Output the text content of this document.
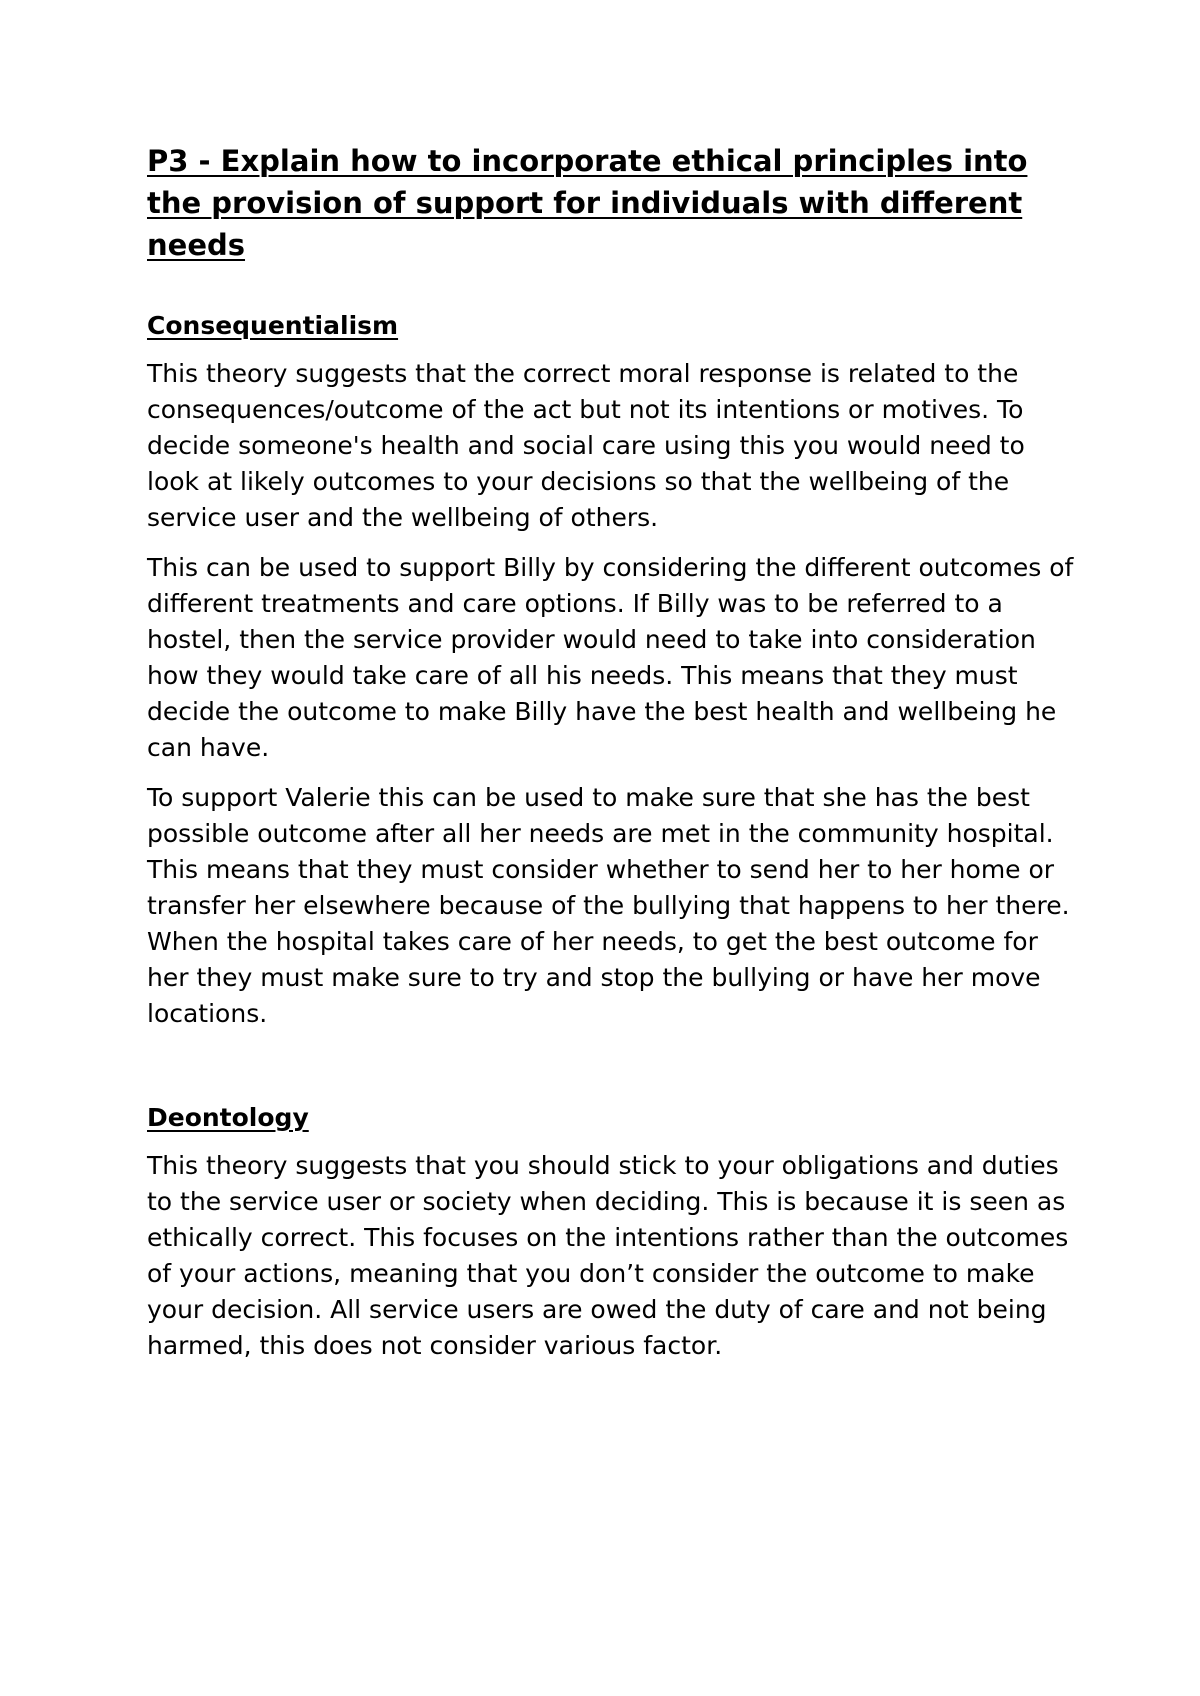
P3 - Explain how to incorporate ethical principles into the provision of support for individuals with different needs
Consequentialism

This theory suggests that the correct moral response is related to the consequences/outcome of the act but not its intentions or motives. To decide someone's health and social care using this you would need to look at likely outcomes to your decisions so that the wellbeing of the service user and the wellbeing of others.

This can be used to support Billy by considering the different outcomes of different treatments and care options. If Billy was to be referred to a hostel, then the service provider would need to take into consideration how they would take care of all his needs. This means that they must decide the outcome to make Billy have the best health and wellbeing he can have.

To support Valerie this can be used to make sure that she has the best possible outcome after all her needs are met in the community hospital. This means that they must consider whether to send her to her home or transfer her elsewhere because of the bullying that happens to her there. When the hospital takes care of her needs, to get the best outcome for her they must make sure to try and stop the bullying or have her move locations.

Deontology

This theory suggests that you should stick to your obligations and duties to the service user or society when deciding. This is because it is seen as ethically correct. This focuses on the intentions rather than the outcomes of your actions, meaning that you don’t consider the outcome to make your decision. All service users are owed the duty of care and not being harmed, this does not consider various factor.
